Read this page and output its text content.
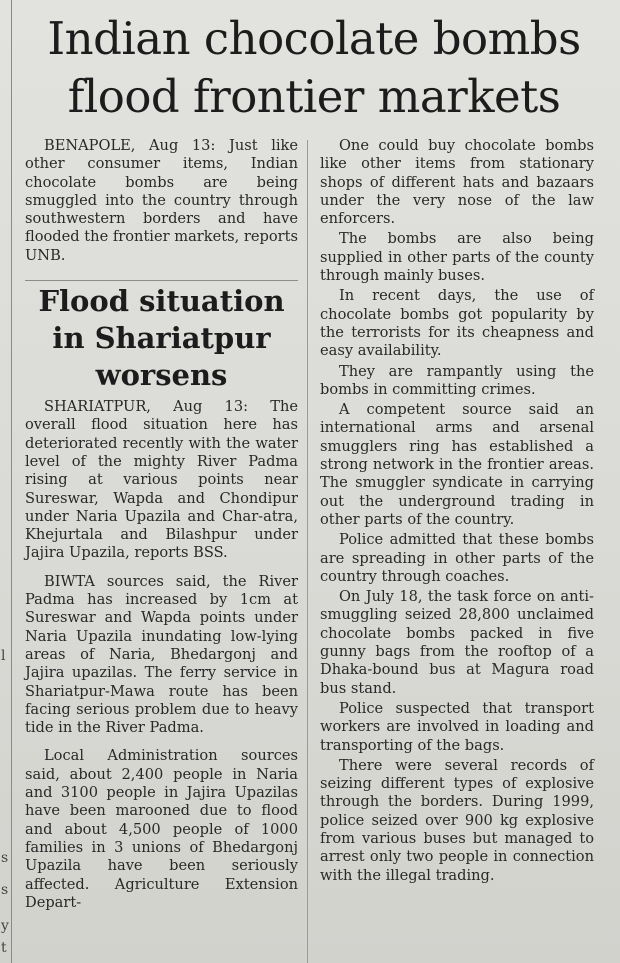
l
s
s
y
t
Indian chocolate bombs flood frontier markets

BENAPOLE, Aug 13: Just like other consumer items, Indian chocolate bombs are being smuggled into the country through southwestern borders and have flooded the frontier markets, reports UNB.

Flood situation in Shariatpur worsens

SHARIATPUR, Aug 13: The overall flood situation here has deteriorated recently with the water level of the mighty River Padma rising at various points near Sureswar, Wapda and Chondipur under Naria Upazila and Char-atra, Khejurtala and Bilashpur under Jajira Upazila, reports BSS.

BIWTA sources said, the River Padma has increased by 1cm at Sureswar and Wapda points under Naria Upazila inundating low-lying areas of Naria, Bhedargonj and Jajira upazilas. The ferry service in Shariatpur-Mawa route has been facing serious problem due to heavy tide in the River Padma.

Local Administration sources said, about 2,400 people in Naria and 3100 people in Jajira Upazilas have been marooned due to flood and about 4,500 people of 1000 families in 3 unions of Bhedargonj Upazila have been seriously affected. Agriculture Extension Depart-

One could buy chocolate bombs like other items from stationary shops of different hats and bazaars under the very nose of the law enforcers.

The bombs are also being supplied in other parts of the county through mainly buses.

In recent days, the use of chocolate bombs got popularity by the terrorists for its cheapness and easy availability.

They are rampantly using the bombs in committing crimes.

A competent source said an international arms and arsenal smugglers ring has established a strong network in the frontier areas. The smuggler syndicate in carrying out the underground trading in other parts of the country.

Police admitted that these bombs are spreading in other parts of the country through coaches.

On July 18, the task force on anti-smuggling seized 28,800 unclaimed chocolate bombs packed in five gunny bags from the rooftop of a Dhaka-bound bus at Magura road bus stand.

Police suspected that transport workers are involved in loading and transporting of the bags.

There were several records of seizing different types of explosive through the borders. During 1999, police seized over 900 kg explosive from various buses but managed to arrest only two people in connection with the illegal trading.
